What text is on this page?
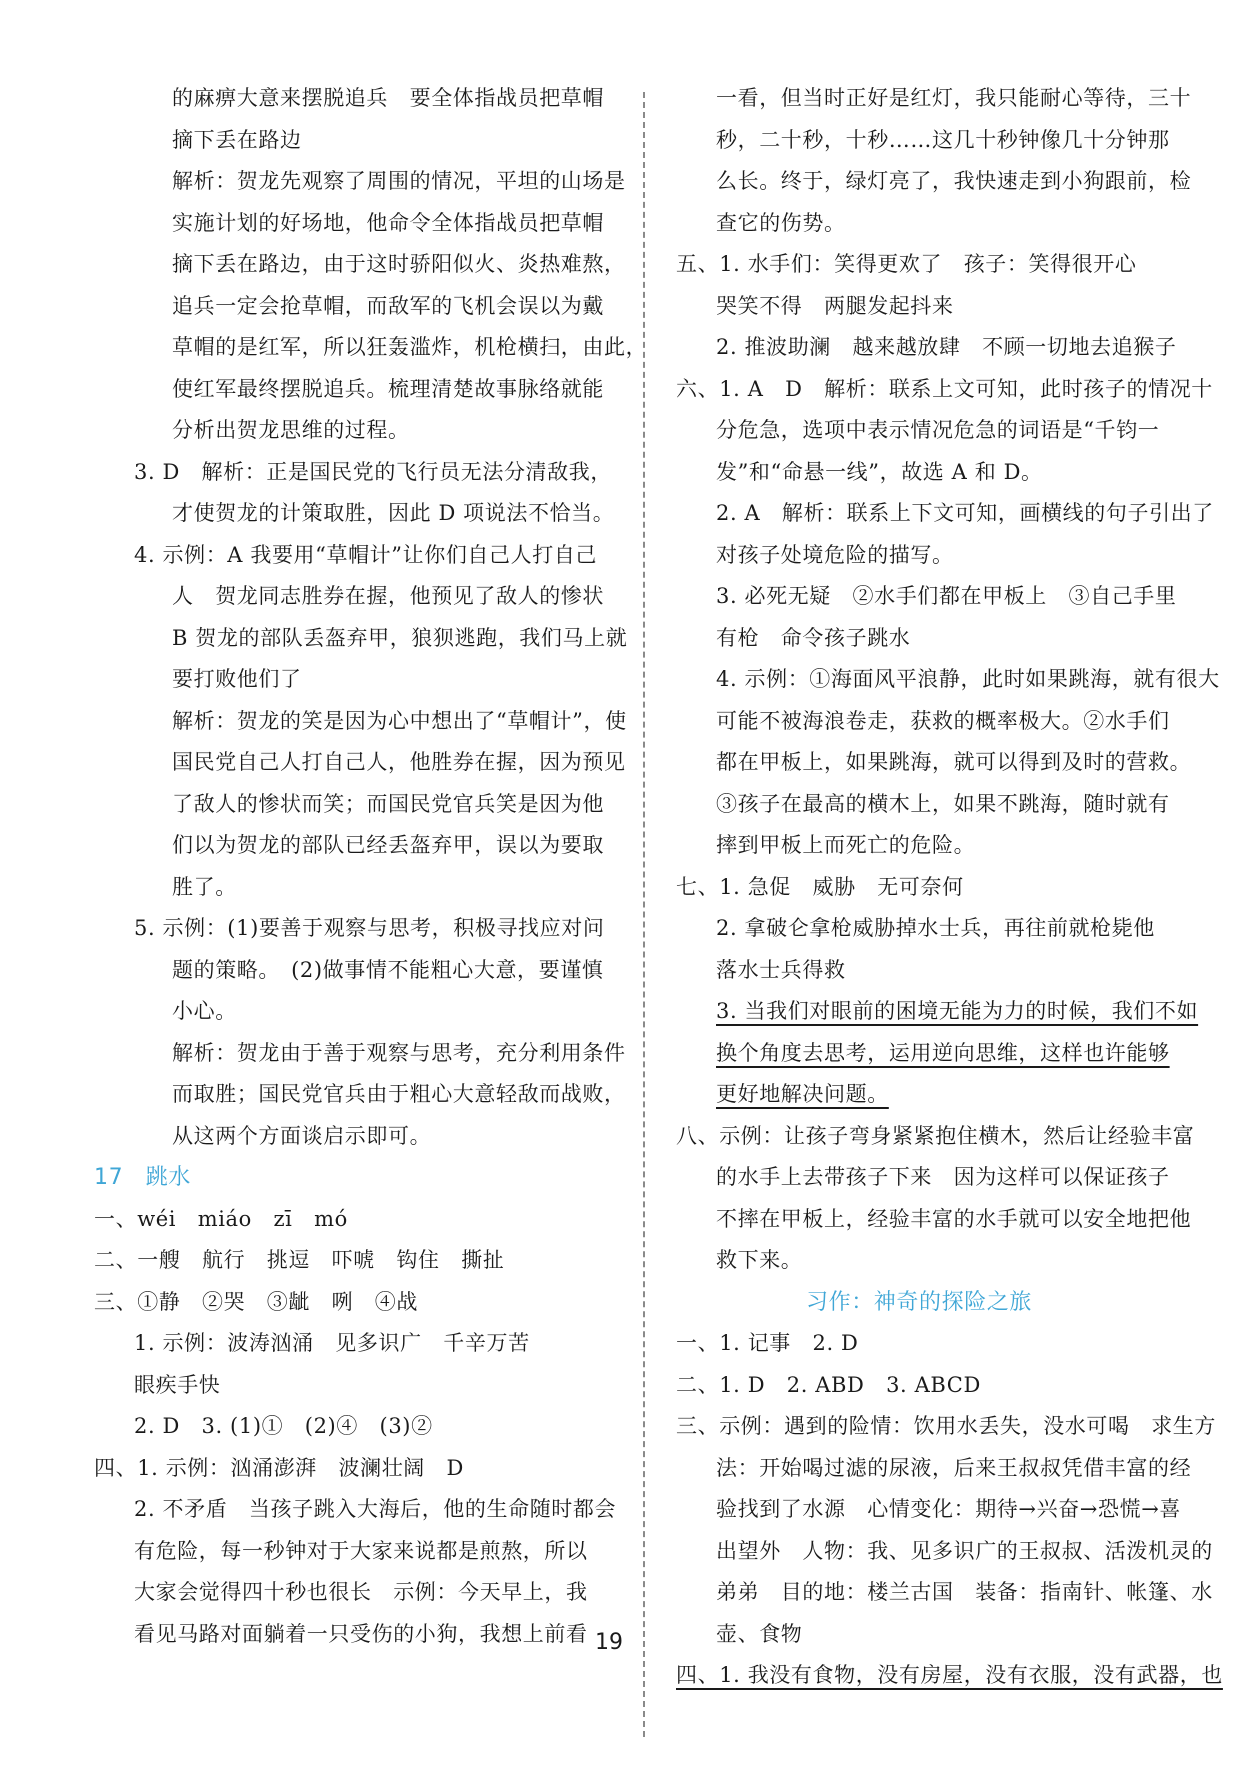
的麻痹大意来摆脱追兵　要全体指战员把草帽
摘下丢在路边
解析：贺龙先观察了周围的情况，平坦的山场是
实施计划的好场地，他命令全体指战员把草帽
摘下丢在路边，由于这时骄阳似火、炎热难熬，
追兵一定会抢草帽，而敌军的飞机会误以为戴
草帽的是红军，所以狂轰滥炸，机枪横扫，由此，
使红军最终摆脱追兵。梳理清楚故事脉络就能
分析出贺龙思维的过程。
3. D　解析：正是国民党的飞行员无法分清敌我，
才使贺龙的计策取胜，因此 D 项说法不恰当。
4. 示例：A 我要用“草帽计”让你们自己人打自己
人　贺龙同志胜券在握，他预见了敌人的惨状
B 贺龙的部队丢盔弃甲，狼狈逃跑，我们马上就
要打败他们了
解析：贺龙的笑是因为心中想出了“草帽计”，使
国民党自己人打自己人，他胜券在握，因为预见
了敌人的惨状而笑；而国民党官兵笑是因为他
们以为贺龙的部队已经丢盔弃甲，误以为要取
胜了。
5. 示例：(1)要善于观察与思考，积极寻找应对问
题的策略。　(2)做事情不能粗心大意，要谨慎
小心。
解析：贺龙由于善于观察与思考，充分利用条件
而取胜；国民党官兵由于粗心大意轻敌而战败，
从这两个方面谈启示即可。
17　跳水
一、wéi　miáo　zī　mó
二、一艘　航行　挑逗　吓唬　钩住　撕扯
三、①静　②哭　③龇　咧　④战
1. 示例：波涛汹涌　见多识广　千辛万苦
眼疾手快
2. D　3. (1)①　(2)④　(3)②
四、1. 示例：汹涌澎湃　波澜壮阔　D
2. 不矛盾　当孩子跳入大海后，他的生命随时都会
有危险，每一秒钟对于大家来说都是煎熬，所以
大家会觉得四十秒也很长　示例：今天早上，我
看见马路对面躺着一只受伤的小狗，我想上前看
一看，但当时正好是红灯，我只能耐心等待，三十
秒，二十秒，十秒……这几十秒钟像几十分钟那
么长。终于，绿灯亮了，我快速走到小狗跟前，检
查它的伤势。
五、1. 水手们：笑得更欢了　孩子：笑得很开心
哭笑不得　两腿发起抖来
2. 推波助澜　越来越放肆　不顾一切地去追猴子
六、1. A　D　解析：联系上文可知，此时孩子的情况十
分危急，选项中表示情况危急的词语是“千钧一
发”和“命悬一线”，故选 A 和 D。
2. A　解析：联系上下文可知，画横线的句子引出了
对孩子处境危险的描写。
3. 必死无疑　②水手们都在甲板上　③自己手里
有枪　命令孩子跳水
4. 示例：①海面风平浪静，此时如果跳海，就有很大
可能不被海浪卷走，获救的概率极大。②水手们
都在甲板上，如果跳海，就可以得到及时的营救。
③孩子在最高的横木上，如果不跳海，随时就有
摔到甲板上而死亡的危险。
七、1. 急促　威胁　无可奈何
2. 拿破仑拿枪威胁掉水士兵，再往前就枪毙他
落水士兵得救
3. 当我们对眼前的困境无能为力的时候，我们不如
换个角度去思考，运用逆向思维，这样也许能够
更好地解决问题。
八、示例：让孩子弯身紧紧抱住横木，然后让经验丰富
的水手上去带孩子下来　因为这样可以保证孩子
不摔在甲板上，经验丰富的水手就可以安全地把他
救下来。
习作：神奇的探险之旅
一、1. 记事　2. D
二、1. D　2. ABD　3. ABCD
三、示例：遇到的险情：饮用水丢失，没水可喝　求生方
法：开始喝过滤的尿液，后来王叔叔凭借丰富的经
验找到了水源　心情变化：期待→兴奋→恐慌→喜
出望外　人物：我、见多识广的王叔叔、活泼机灵的
弟弟　目的地：楼兰古国　装备：指南针、帐篷、水
壶、食物
四、1. 我没有食物，没有房屋，没有衣服，没有武器，也
19
